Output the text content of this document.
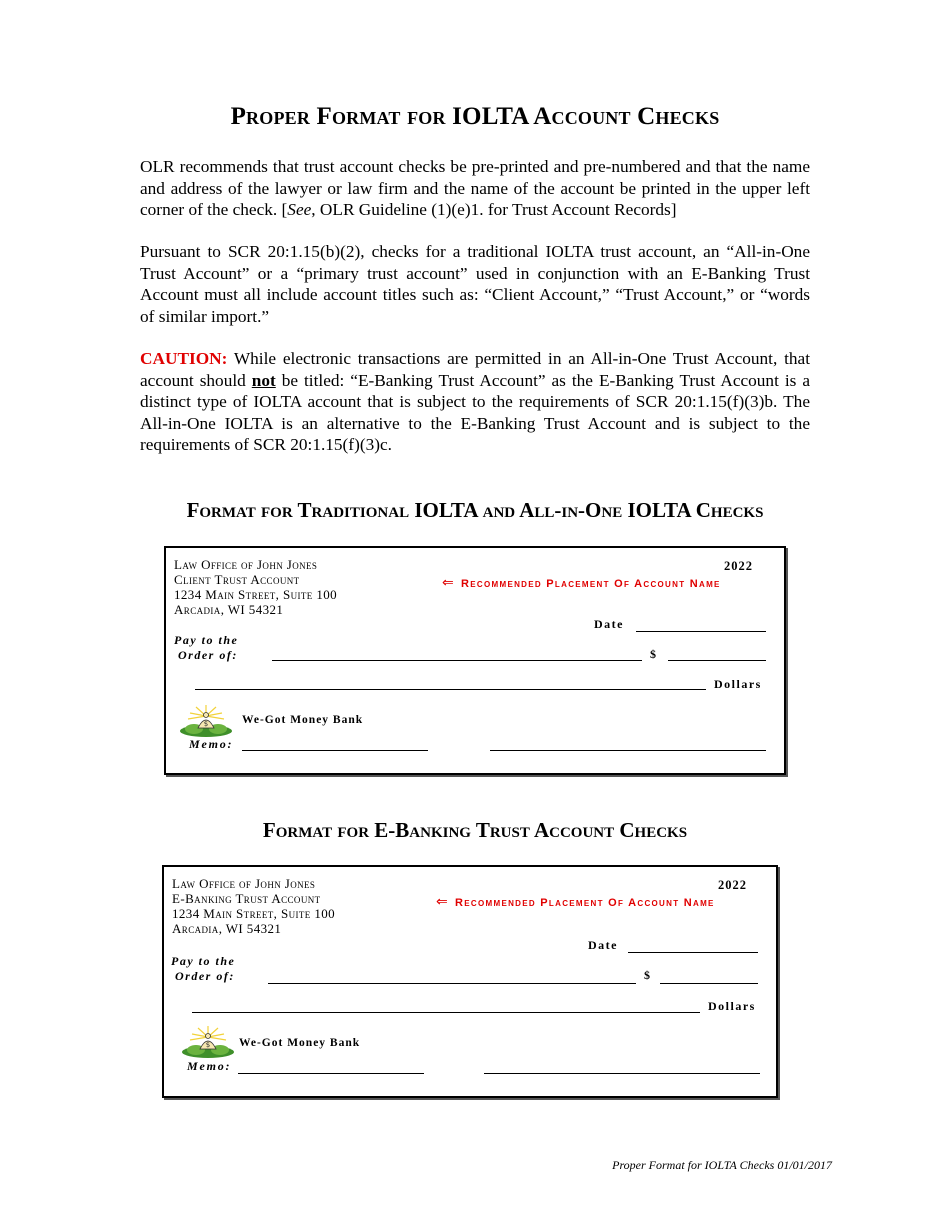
Proper Format for IOLTA Account Checks

OLR recommends that trust account checks be pre-printed and pre-numbered and that the name and address of the lawyer or law firm and the name of the account be printed in the upper left corner of the check. [See, OLR Guideline (1)(e)1. for Trust Account Records]

Pursuant to SCR 20:1.15(b)(2), checks for a traditional IOLTA trust account, an “All-in-One Trust Account” or a “primary trust account” used in conjunction with an E-Banking Trust Account must all include account titles such as: “Client Account,” “Trust Account,” or “words of similar import.”

CAUTION: While electronic transactions are permitted in an All-in-One Trust Account, that account should not be titled: “E-Banking Trust Account” as the E-Banking Trust Account is a distinct type of IOLTA account that is subject to the requirements of SCR 20:1.15(f)(3)b. The All-in-One IOLTA is an alternative to the E-Banking Trust Account and is subject to the requirements of SCR 20:1.15(f)(3)c.

Format for Traditional IOLTA and All-in-One IOLTA Checks
Law Office of John Jones
Client Trust Account
1234 Main Street, Suite 100
Arcadia, WI 54321
2022
⇐ Recommended Placement Of Account Name
Date
Pay to the
Order of:	$
Dollars
$	We-Got Money Bank
Memo:
Format for E-Banking Trust Account Checks
Law Office of John Jones
E-Banking Trust Account
1234 Main Street, Suite 100
Arcadia, WI 54321
2022
⇐ Recommended Placement Of Account Name
Date
Pay to the
Order of:	$
Dollars
$	We-Got Money Bank
Memo:

Proper Format for IOLTA Checks 01/01/2017
